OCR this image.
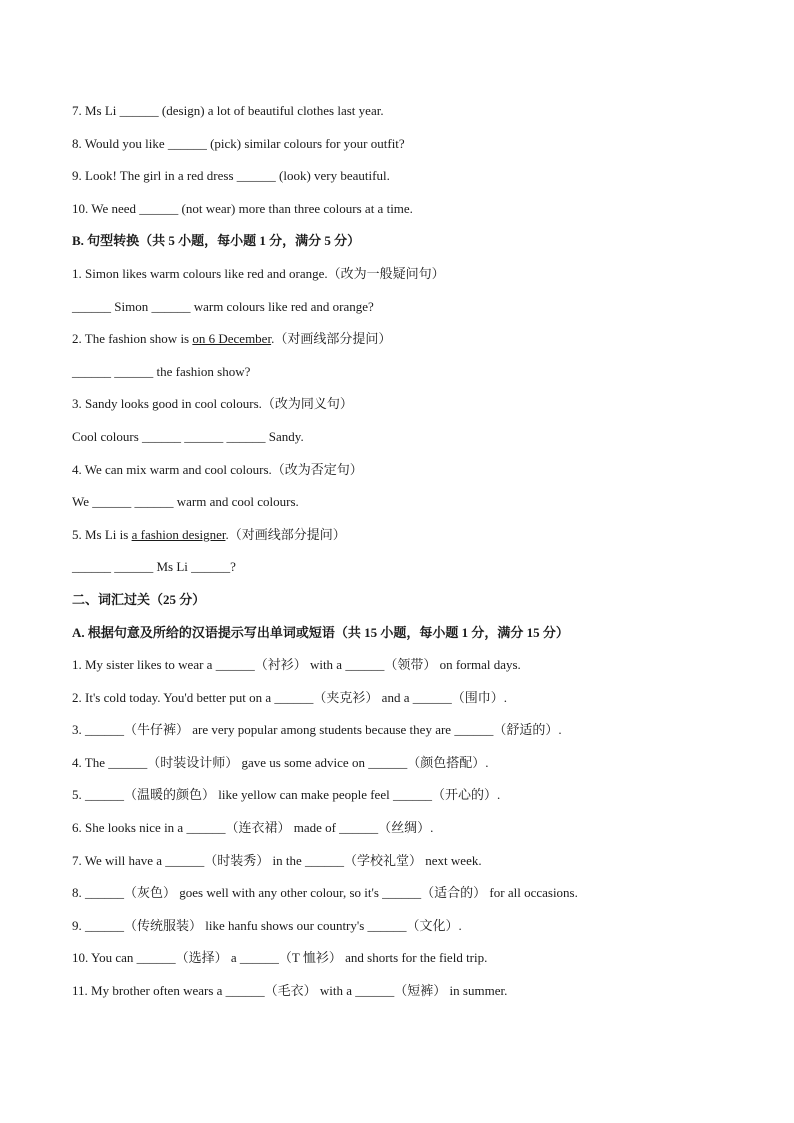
7. Ms Li ______ (design) a lot of beautiful clothes last year.
8. Would you like ______ (pick) similar colours for your outfit?
9. Look! The girl in a red dress ______ (look) very beautiful.
10. We need ______ (not wear) more than three colours at a time.
B. 句型转换（共 5 小题，每小题 1 分，满分 5 分）
1. Simon likes warm colours like red and orange.（改为一般疑问句）
______ Simon ______ warm colours like red and orange?
2. The fashion show is on 6 December.（对画线部分提问）
______ ______ the fashion show?
3. Sandy looks good in cool colours.（改为同义句）
Cool colours ______ ______ ______ Sandy.
4. We can mix warm and cool colours.（改为否定句）
We ______ ______ warm and cool colours.
5. Ms Li is a fashion designer.（对画线部分提问）
______ ______ Ms Li ______?
二、词汇过关（25 分）
A. 根据句意及所给的汉语提示写出单词或短语（共 15 小题，每小题 1 分，满分 15 分）
1. My sister likes to wear a ______（衬衫） with a ______（领带） on formal days.
2. It's cold today. You'd better put on a ______（夹克衫） and a ______（围巾）.
3. ______（牛仔裤） are very popular among students because they are ______（舒适的）.
4. The ______（时装设计师） gave us some advice on ______（颜色搭配）.
5. ______（温暖的颜色） like yellow can make people feel ______（开心的）.
6. She looks nice in a ______（连衣裙） made of ______（丝绸）.
7. We will have a ______（时装秀） in the ______（学校礼堂） next week.
8. ______（灰色） goes well with any other colour, so it's ______（适合的） for all occasions.
9. ______（传统服装） like hanfu shows our country's ______（文化）.
10. You can ______（选择） a ______（T 恤衫） and shorts for the field trip.
11. My brother often wears a ______（毛衣） with a ______（短裤） in summer.
